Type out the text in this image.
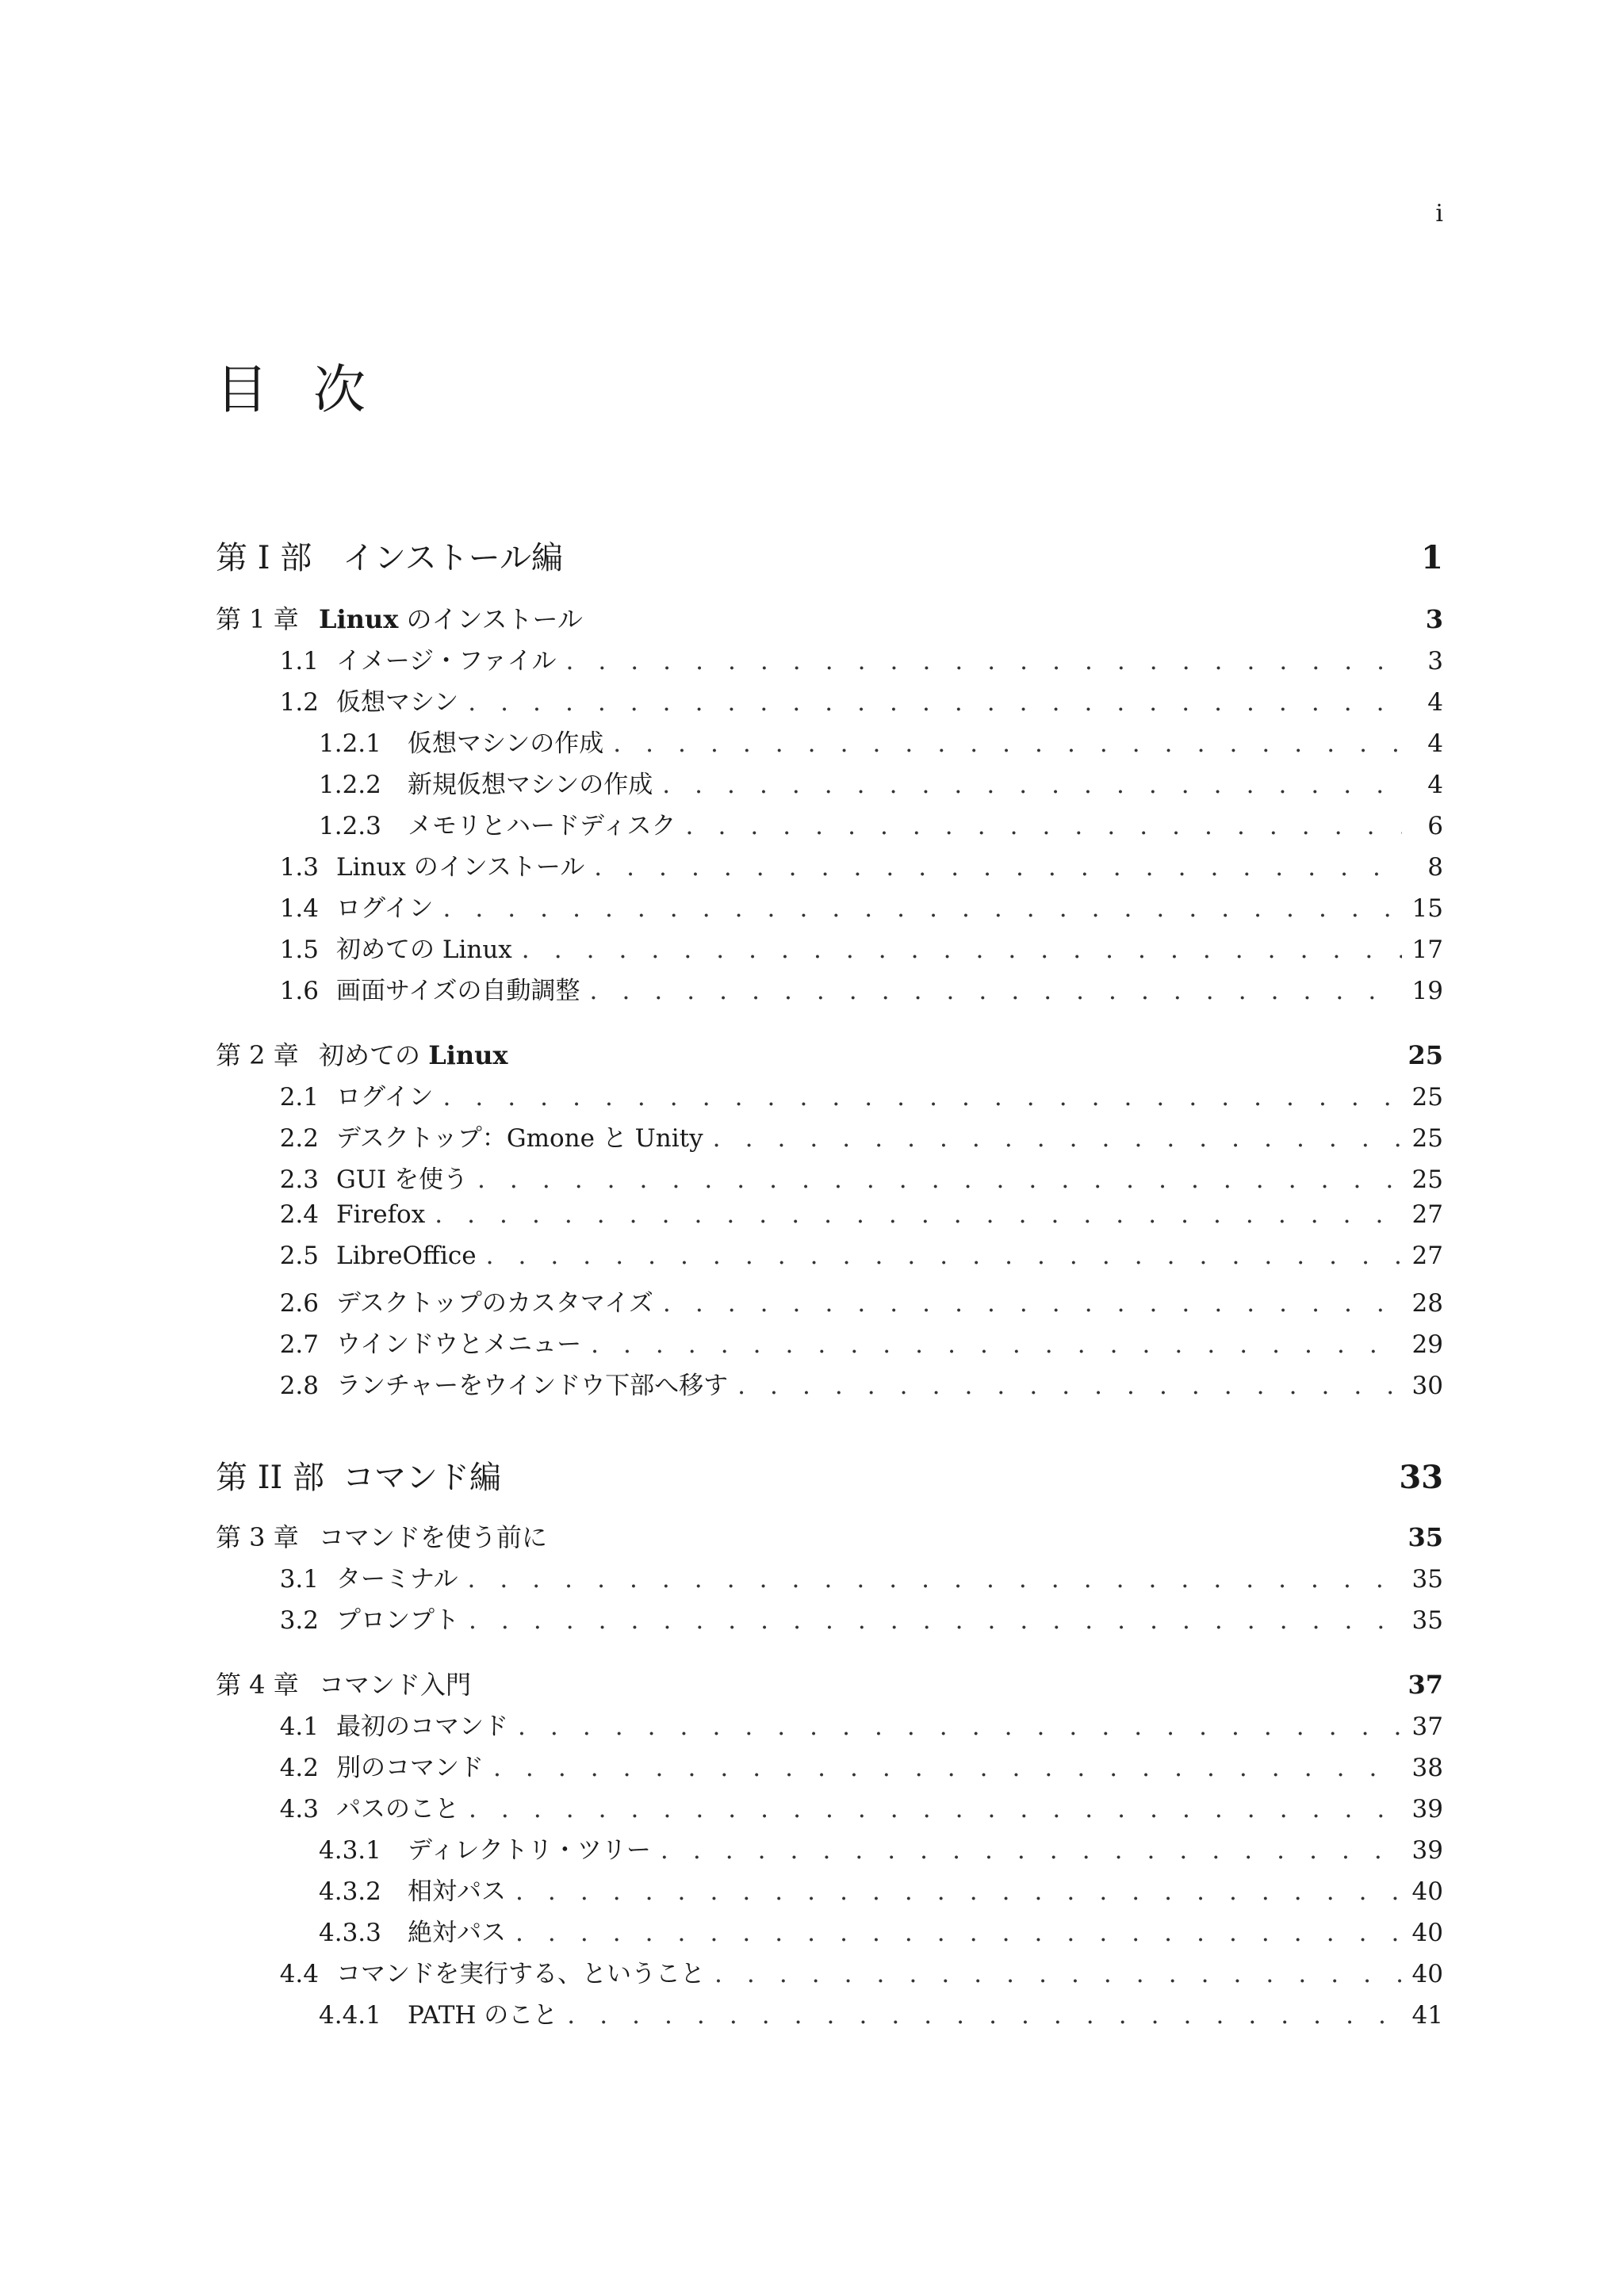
i
目 次
第 I 部 インストール編	1
第 1 章 Linux のインストール	3
1.1 イメージ・ファイル . . .	3
1.2 仮想マシン . . .	4
1.2.1	仮想マシンの作成 . . .	4
1.2.2	新規仮想マシンの作成 . . .	4
1.2.3	メモリとハードディスク . . .	6
1.3 Linux のインストール . . .	8
1.4 ログイン . . .	15
1.5 初めての Linux . . .	17
1.6 画面サイズの自動調整 . . .	19
第 2 章 初めての Linux	25
2.1 ログイン . . .	25
2.2 デスクトップ：Gmone と Unity . . .	25
2.3 GUI を使う . . .	25
2.4 Firefox . . .	27
2.5 LibreOffice . . .	27
2.6 デスクトップのカスタマイズ . . .	28
2.7 ウインドウとメニュー . . .	29
2.8 ランチャーをウインドウ下部へ移す . . .	30
第 II 部 コマンド編	33
第 3 章 コマンドを使う前に	35
3.1 ターミナル . . .	35
3.2 プロンプト . . .	35
第 4 章 コマンド入門	37
4.1 最初のコマンド . . .	37
4.2 別のコマンド . . .	38
4.3 パスのこと . . .	39
4.3.1	ディレクトリ・ツリー . . .	39
4.3.2	相対パス . . .	40
4.3.3	絶対パス . . .	40
4.4 コマンドを実行する、ということ . . .	40
4.4.1	PATH のこと . . .	41
